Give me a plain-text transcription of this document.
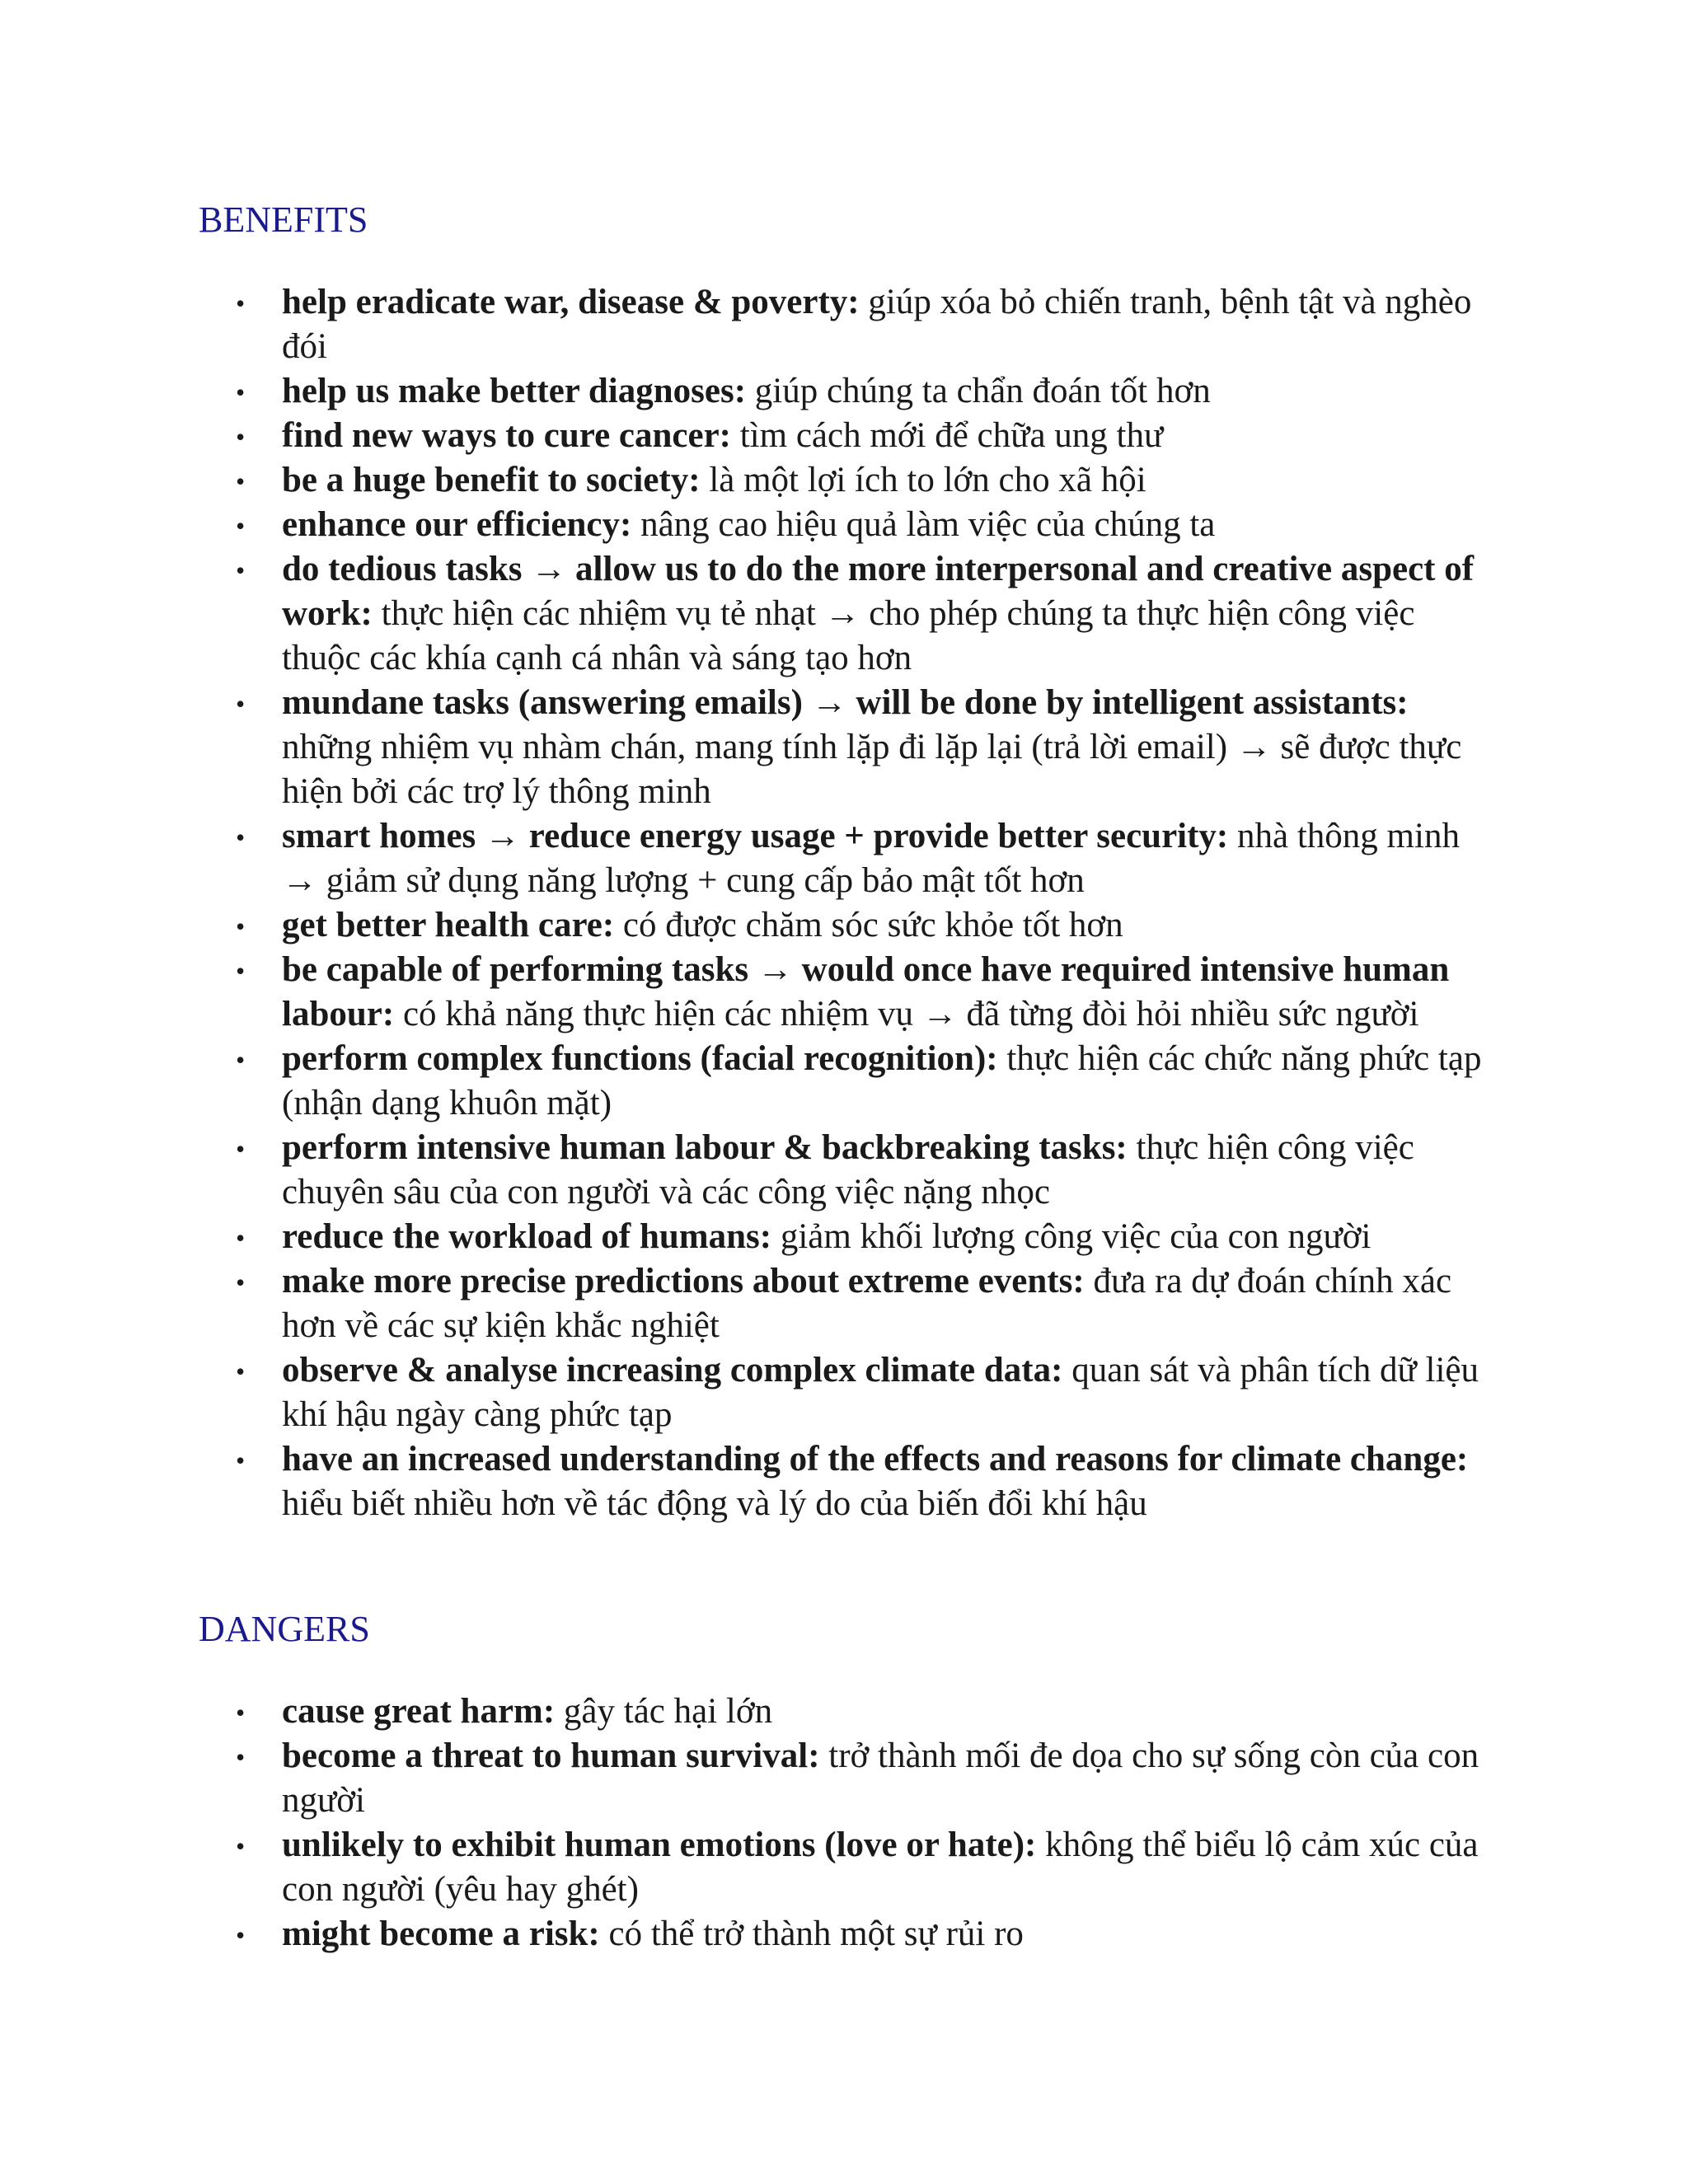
BENEFITS
• help eradicate war, disease & poverty: giúp xóa bỏ chiến tranh, bệnh tật và nghèo đói
• help us make better diagnoses: giúp chúng ta chẩn đoán tốt hơn
• find new ways to cure cancer: tìm cách mới để chữa ung thư
• be a huge benefit to society: là một lợi ích to lớn cho xã hội
• enhance our efficiency: nâng cao hiệu quả làm việc của chúng ta
• do tedious tasks → allow us to do the more interpersonal and creative aspect of work: thực hiện các nhiệm vụ tẻ nhạt → cho phép chúng ta thực hiện công việc thuộc các khía cạnh cá nhân và sáng tạo hơn
• mundane tasks (answering emails) → will be done by intelligent assistants: những nhiệm vụ nhàm chán, mang tính lặp đi lặp lại (trả lời email) → sẽ được thực hiện bởi các trợ lý thông minh
• smart homes → reduce energy usage + provide better security: nhà thông minh → giảm sử dụng năng lượng + cung cấp bảo mật tốt hơn
• get better health care: có được chăm sóc sức khỏe tốt hơn
• be capable of performing tasks → would once have required intensive human labour: có khả năng thực hiện các nhiệm vụ → đã từng đòi hỏi nhiều sức người
• perform complex functions (facial recognition): thực hiện các chức năng phức tạp (nhận dạng khuôn mặt)
• perform intensive human labour & backbreaking tasks: thực hiện công việc chuyên sâu của con người và các công việc nặng nhọc
• reduce the workload of humans: giảm khối lượng công việc của con người
• make more precise predictions about extreme events: đưa ra dự đoán chính xác hơn về các sự kiện khắc nghiệt
• observe & analyse increasing complex climate data: quan sát và phân tích dữ liệu khí hậu ngày càng phức tạp
• have an increased understanding of the effects and reasons for climate change: hiểu biết nhiều hơn về tác động và lý do của biến đổi khí hậu
DANGERS
• cause great harm: gây tác hại lớn
• become a threat to human survival: trở thành mối đe dọa cho sự sống còn của con người
• unlikely to exhibit human emotions (love or hate): không thể biểu lộ cảm xúc của con người (yêu hay ghét)
• might become a risk: có thể trở thành một sự rủi ro
